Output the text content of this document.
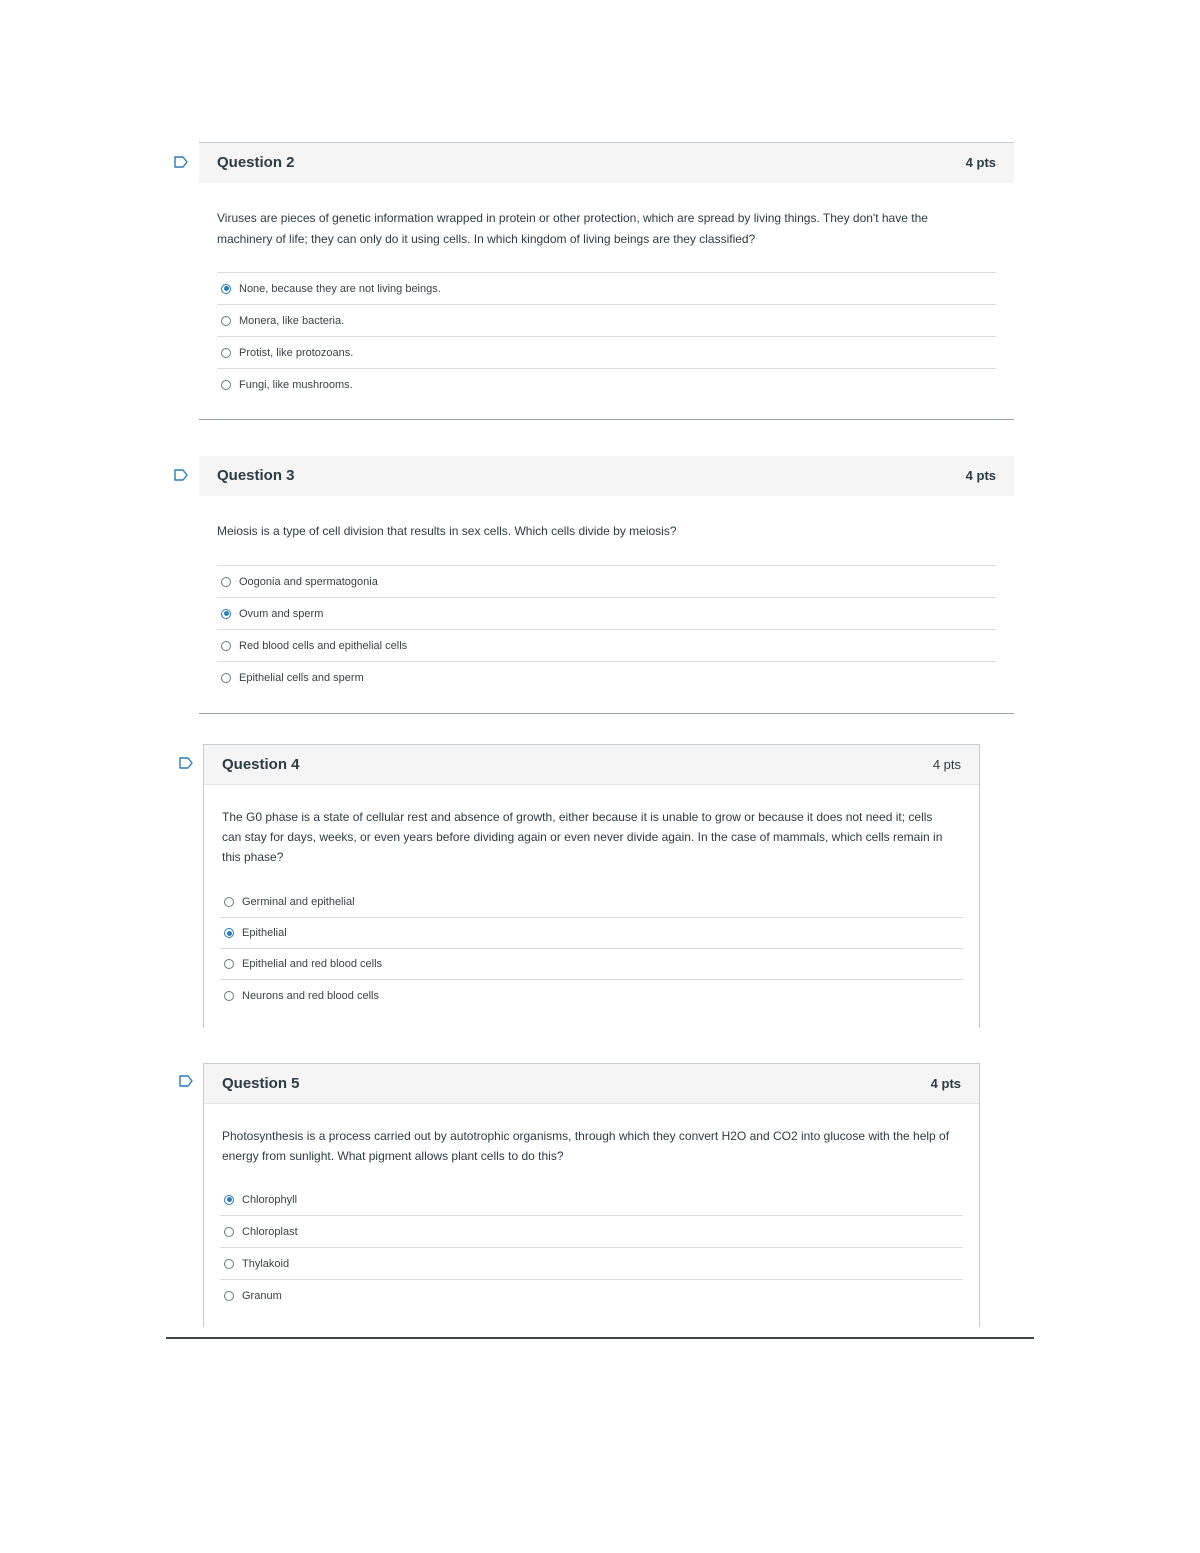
Question 2	4 pts
Viruses are pieces of genetic information wrapped in protein or other protection, which are spread by living things. They don't have the machinery of life; they can only do it using cells. In which kingdom of living beings are they classified?
None, because they are not living beings.
Monera, like bacteria.
Protist, like protozoans.
Fungi, like mushrooms.
Question 3	4 pts
Meiosis is a type of cell division that results in sex cells. Which cells divide by meiosis?
Oogonia and spermatogonia
Ovum and sperm
Red blood cells and epithelial cells
Epithelial cells and sperm
Question 4	4 pts
The G0 phase is a state of cellular rest and absence of growth, either because it is unable to grow or because it does not need it; cells can stay for days, weeks, or even years before dividing again or even never divide again. In the case of mammals, which cells remain in this phase?
Germinal and epithelial
Epithelial
Epithelial and red blood cells
Neurons and red blood cells
Question 5	4 pts
Photosynthesis is a process carried out by autotrophic organisms, through which they convert H2O and CO2 into glucose with the help of energy from sunlight. What pigment allows plant cells to do this?
Chlorophyll
Chloroplast
Thylakoid
Granum
